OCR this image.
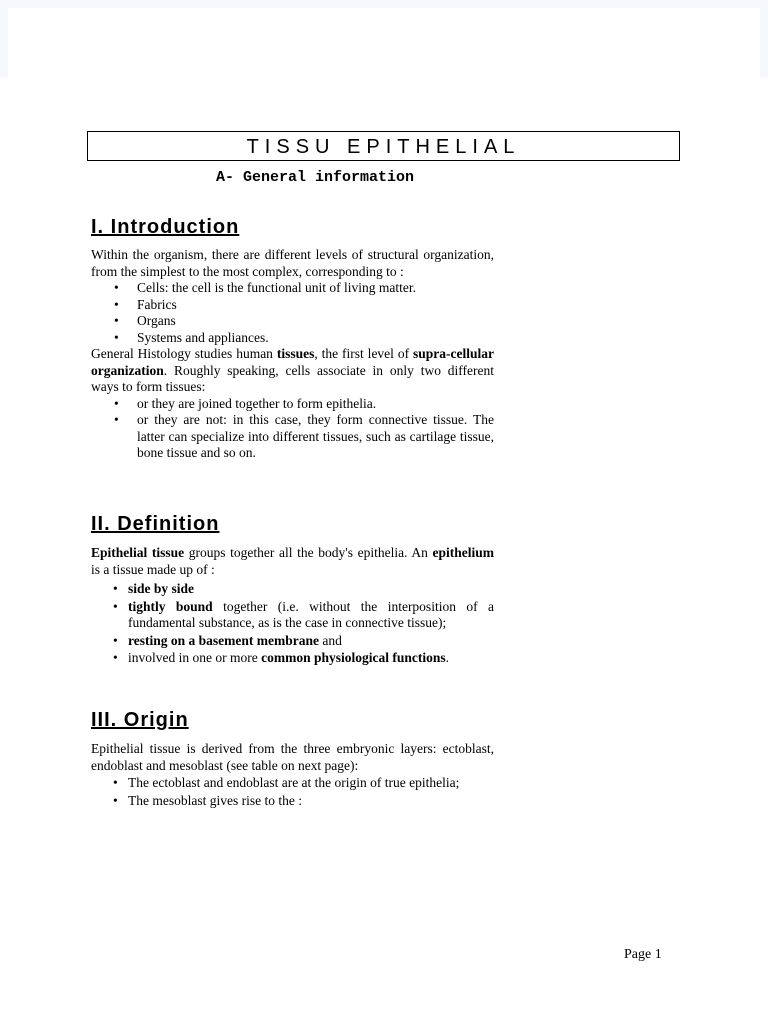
TISSU EPITHELIAL
A- General information
I. Introduction

Within the organism, there are different levels of structural organization, from the simplest to the most complex, corresponding to :

• Cells: the cell is the functional unit of living matter.
• Fabrics
• Organs
• Systems and appliances.

General Histology studies human tissues, the first level of supra-cellular organization. Roughly speaking, cells associate in only two different ways to form tissues:

• or they are joined together to form epithelia.
• or they are not: in this case, they form connective tissue. The latter can specialize into different tissues, such as cartilage tissue, bone tissue and so on.
II. Definition

Epithelial tissue groups together all the body's epithelia. An epithelium is a tissue made up of :

• side by side
• tightly bound together (i.e. without the interposition of a fundamental substance, as is the case in connective tissue);
• resting on a basement membrane and
• involved in one or more common physiological functions.
III. Origin

Epithelial tissue is derived from the three embryonic layers: ectoblast, endoblast and mesoblast (see table on next page):

• The ectoblast and endoblast are at the origin of true epithelia;
• The mesoblast gives rise to the :
Page 1
